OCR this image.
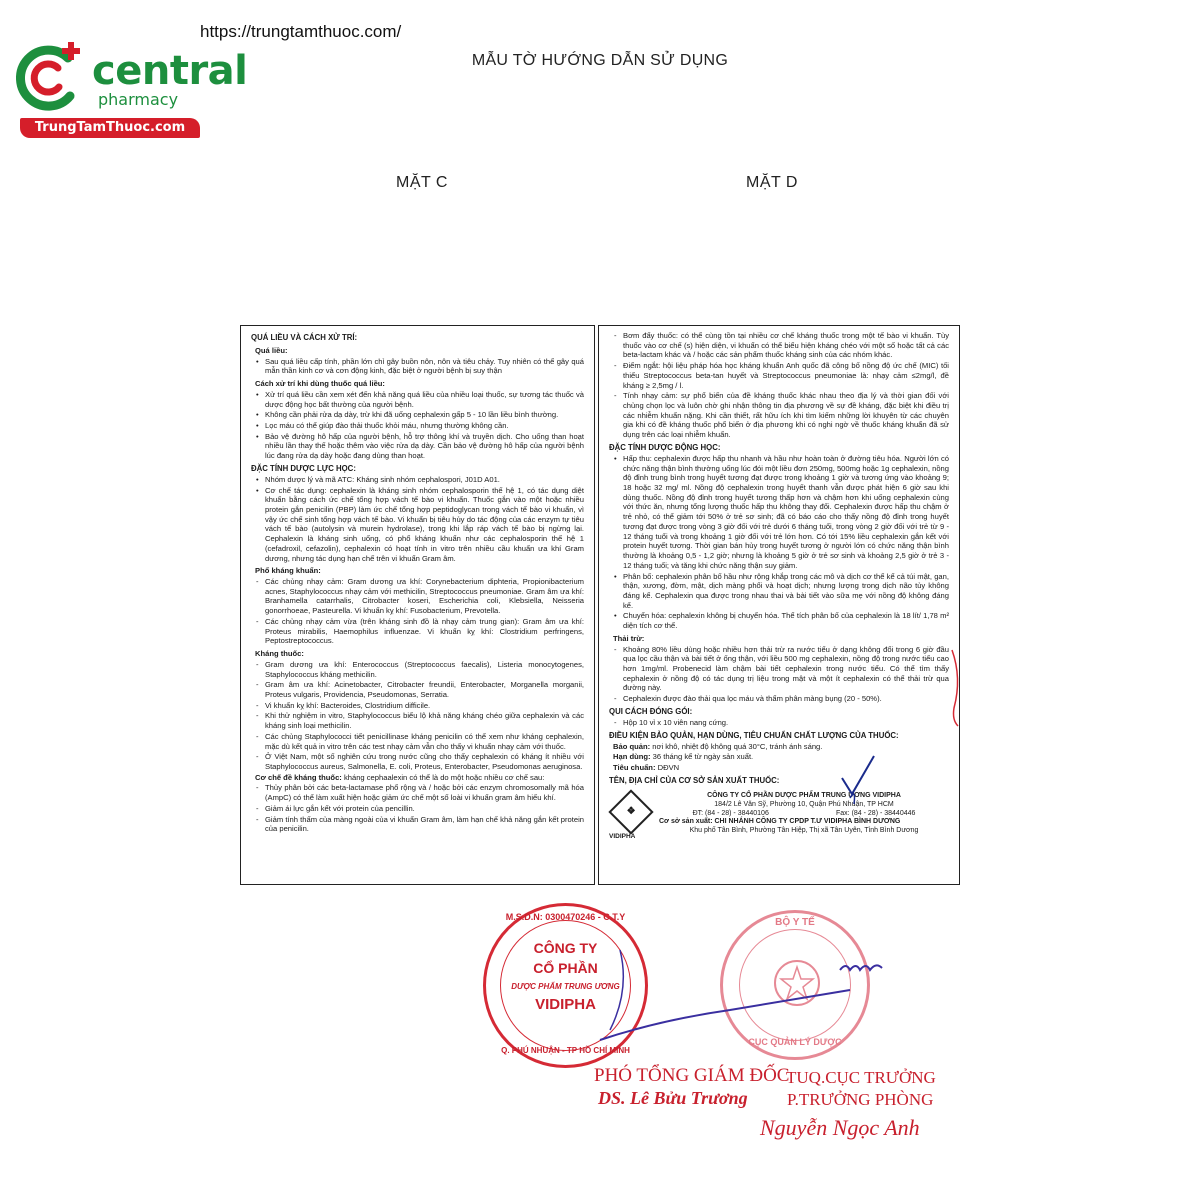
central
pharmacy
TrungTamThuoc.com
https://trungtamthuoc.com/
MẪU TỜ HƯỚNG DẪN SỬ DỤNG
MẶT C	MẶT D
QUÁ LIỀU VÀ CÁCH XỬ TRÍ:
Quá liều:
• Sau quá liều cấp tính, phần lớn chỉ gây buồn nôn, nôn và tiêu chảy. Tuy nhiên có thể gây quá mẫn thần kinh cơ và cơn động kinh, đặc biệt ở người bệnh bị suy thận
Cách xử trí khi dùng thuốc quá liều:
• Xử trí quá liều cần xem xét đến khả năng quá liều của nhiều loại thuốc, sự tương tác thuốc và dược động học bất thường của người bệnh.
• Không cần phải rửa dạ dày, trừ khi đã uống cephalexin gấp 5 - 10 lần liều bình thường.
• Lọc máu có thể giúp đào thải thuốc khỏi máu, nhưng thường không cần.
• Bảo vệ đường hô hấp của người bệnh, hỗ trợ thông khí và truyền dịch. Cho uống than hoạt nhiều lần thay thế hoặc thêm vào việc rửa dạ dày. Cần bảo vệ đường hô hấp của người bệnh lúc đang rửa dạ dày hoặc đang dùng than hoạt.
ĐẶC TÍNH DƯỢC LỰC HỌC:
• Nhóm dược lý và mã ATC: Kháng sinh nhóm cephalospori, J01D A01.
• Cơ chế tác dụng: cephalexin là kháng sinh nhóm cephalosporin thế hệ 1, có tác dụng diệt khuẩn bằng cách ức chế tổng hợp vách tế bào vi khuẩn. Thuốc gắn vào một hoặc nhiều protein gắn penicilin (PBP) làm ức chế tổng hợp peptidoglycan trong vách tế bào vi khuẩn, vì vậy ức chế sinh tổng hợp vách tế bào. Vi khuẩn bị tiêu hủy do tác động của các enzym tự tiêu vách tế bào (autolysin và murein hydrolase), trong khi lắp ráp vách tế bào bị ngừng lại. Cephalexin là kháng sinh uống, có phổ kháng khuẩn như các cephalosporin thế hệ 1 (cefadroxil, cefazolin), cephalexin có hoạt tính in vitro trên nhiều cầu khuẩn ưa khí Gram dương, nhưng tác dụng hạn chế trên vi khuẩn Gram âm.
Phổ kháng khuẩn:
- Các chủng nhạy cảm: Gram dương ưa khí: Corynebacterium diphteria, Propionibacterium acnes, Staphylococcus nhạy cảm với methicilin, Streptococcus pneumoniae. Gram âm ưa khí: Branhamella catarrhalis, Citrobacter koseri, Escherichia coli, Klebsiella, Neisseria gonorrhoeae, Pasteurella. Vi khuẩn kỵ khí: Fusobacterium, Prevotella.
- Các chủng nhạy cảm vừa (trên kháng sinh đồ là nhạy cảm trung gian): Gram âm ưa khí: Proteus mirabilis, Haemophilus influenzae. Vi khuẩn kỵ khí: Clostridium perfringens, Peptostreptococcus.
Kháng thuốc:
- Gram dương ưa khí: Enterococcus (Streptococcus faecalis), Listeria monocytogenes, Staphylococcus kháng methicilin.
- Gram âm ưa khí: Acinetobacter, Citrobacter freundii, Enterobacter, Morganella morganii, Proteus vulgaris, Providencia, Pseudomonas, Serratia.
- Vi khuẩn kỵ khí: Bacteroides, Clostridium difficile.
- Khi thử nghiệm in vitro, Staphylococcus biểu lộ khả năng kháng chéo giữa cephalexin và các kháng sinh loại methicilin.
- Các chủng Staphylococci tiết penicillinase kháng penicilin có thể xem như kháng cephalexin, mặc dù kết quả in vitro trên các test nhạy cảm vẫn cho thấy vi khuẩn nhạy cảm với thuốc.
- Ở Việt Nam, một số nghiên cứu trong nước cũng cho thấy cephalexin có kháng ít nhiều với Staphylococcus aureus, Salmonella, E. coli, Proteus, Enterobacter, Pseudomonas aeruginosa.
Cơ chế đề kháng thuốc: kháng cephaalexin có thể là do một hoặc nhiều cơ chế sau:
- Thủy phân bởi các beta-lactamase phổ rộng và / hoặc bởi các enzym chromosomally mã hóa (AmpC) có thể làm xuất hiện hoặc giảm ức chế một số loài vi khuẩn gram âm hiếu khí.
- Giảm ái lực gắn kết với protein của pencillin.
- Giảm tính thấm của màng ngoài của vi khuẩn Gram âm, làm hạn chế khả năng gắn kết protein của penicilin.
- Bơm đẩy thuốc: có thể cùng tồn tại nhiều cơ chế kháng thuốc trong một tế bào vi khuẩn. Tùy thuốc vào cơ chế (s) hiện diện, vi khuẩn có thể biểu hiện kháng chéo với một số hoặc tất cả các beta-lactam khác và / hoặc các sản phẩm thuốc kháng sinh của các nhóm khác.
- Điểm ngắt: hội liệu pháp hóa học kháng khuẩn Anh quốc đã công bố nồng độ ức chế (MIC) tối thiểu Streptococcus beta-tan huyết và Streptococcus pneumoniae là: nhạy cảm ≤2mg/l, đề kháng ≥ 2,5mg / l.
- Tính nhạy cảm: sự phổ biến của đề kháng thuốc khác nhau theo địa lý và thời gian đối với chủng chọn lọc và luôn chờ ghi nhận thông tin địa phương về sự đề kháng, đặc biệt khi điều trị các nhiễm khuẩn nặng. Khi cần thiết, rất hữu ích khi tìm kiếm những lời khuyên từ các chuyên gia khi có đề kháng thuốc phổ biến ở địa phương khi có nghi ngờ về thuốc kháng khuẩn đã sử dụng trên các loại nhiễm khuẩn.
ĐẶC TÍNH DƯỢC ĐỘNG HỌC:
• Hấp thu: cephalexin được hấp thu nhanh và hầu như hoàn toàn ở đường tiêu hóa. Người lớn có chức năng thận bình thường uống lúc đói một liều đơn 250mg, 500mg hoặc 1g cephalexin, nồng độ đỉnh trung bình trong huyết tương đạt được trong khoảng 1 giờ và tương ứng vào khoảng 9; 18 hoặc 32 mg/ ml. Nồng độ cephalexin trong huyết thanh vẫn được phát hiện 6 giờ sau khi dùng thuốc. Nồng độ đỉnh trong huyết tương thấp hơn và chậm hơn khi uống cephalexin cùng với thức ăn, nhưng tổng lượng thuốc hấp thu không thay đổi. Cephalexin được hấp thu chậm ở trẻ nhỏ, có thể giảm tới 50% ở trẻ sơ sinh; đã có báo cáo cho thấy nồng độ đỉnh trong huyết tương đạt được trong vòng 3 giờ đối với trẻ dưới 6 tháng tuổi, trong vòng 2 giờ đối với trẻ từ 9 - 12 tháng tuổi và trong khoảng 1 giờ đối với trẻ lớn hơn. Có tới 15% liều cephalexin gắn kết với protein huyết tương. Thời gian bán hủy trong huyết tương ở người lớn có chức năng thận bình thường là khoảng 0,5 - 1,2 giờ; nhưng là khoảng 5 giờ ở trẻ sơ sinh và khoảng 2,5 giờ ở trẻ 3 - 12 tháng tuổi; và tăng khi chức năng thận suy giảm.
• Phân bố: cephalexin phân bố hầu như rộng khắp trong các mô và dịch cơ thể kể cả túi mật, gan, thận, xương, đờm, mật, dịch màng phổi và hoạt dịch; nhưng lượng trong dịch não tủy không đáng kể. Cephalexin qua được trong nhau thai và bài tiết vào sữa mẹ với nồng độ không đáng kể.
• Chuyển hóa: cephalexin không bị chuyển hóa. Thể tích phân bố của cephalexin là 18 lít/ 1,78 m² diện tích cơ thể.
Thải trừ:
- Khoảng 80% liều dùng hoặc nhiều hơn thải trừ ra nước tiểu ở dạng không đổi trong 6 giờ đầu qua lọc cầu thận và bài tiết ở ống thận, với liều 500 mg cephalexin, nồng độ trong nước tiểu cao hơn 1mg/ml. Probenecid làm chậm bài tiết cephalexin trong nước tiểu. Có thể tìm thấy cephalexin ở nồng độ có tác dụng trị liệu trong mật và một ít cephalexin có thể thải trừ qua đường này.
- Cephalexin được đào thải qua lọc máu và thẩm phân màng bụng (20 - 50%).
QUI CÁCH ĐÓNG GÓI:
- Hộp 10 vỉ x 10 viên nang cứng.
ĐIỀU KIỆN BẢO QUẢN, HẠN DÙNG, TIÊU CHUẨN CHẤT LƯỢNG CỦA THUỐC:
Bảo quản: nơi khô, nhiệt độ không quá 30°C, tránh ánh sáng.
Hạn dùng: 36 tháng kể từ ngày sản xuất.
Tiêu chuẩn: DĐVN
TÊN, ĐỊA CHỈ CỦA CƠ SỞ SẢN XUẤT THUỐC:
❖
VIDIPHA
CÔNG TY CỔ PHẦN DƯỢC PHẨM TRUNG ƯƠNG VIDIPHA
184/2 Lê Văn Sỹ, Phường 10, Quận Phú Nhuận, TP HCM
ĐT: (84 - 28) - 38440106	Fax: (84 - 28) - 38440446
Cơ sở sản xuất: CHI NHÁNH CÔNG TY CPDP T.Ư VIDIPHA BÌNH DƯƠNG
Khu phố Tân Bình, Phường Tân Hiệp, Thị xã Tân Uyên, Tỉnh Bình Dương
M.S.D.N: 0300470246 - C.T.Y
CÔNG TY
CỔ PHẦN
DƯỢC PHẨM TRUNG ƯƠNG
VIDIPHA
Q. PHÚ NHUẬN - TP HỒ CHÍ MINH
BỘ Y TẾ
CỤC QUẢN LÝ DƯỢC
PHÓ TỔNG GIÁM ĐỐC
DS. Lê Bửu Trương
TUQ.CỤC TRƯỞNG
P.TRƯỞNG PHÒNG
Nguyễn Ngọc Anh
